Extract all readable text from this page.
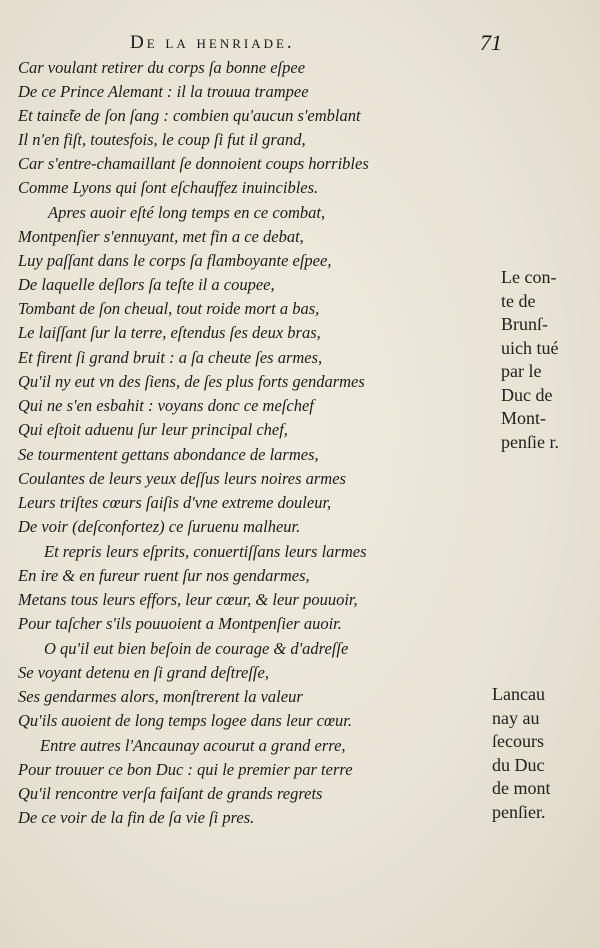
De la henriade.	71
Car voulant retirer du corps ſa bonne eſpee
De ce Prince Alemant : il la trouua trampee
Et tainɛ̃te de ſon ſang : combien qu'aucun s'emblant
Il n'en fiſt, toutesfois, le coup ſi fut il grand,
Car s'entre-chamaillant ſe donnoient coups horribles
Comme Lyons qui ſont eſchauffez inuincibles.
Apres auoir eſté long temps en ce combat,
Montpenſier s'ennuyant, met fin a ce debat,
Luy paſſant dans le corps ſa flamboyante eſpee,
De laquelle deſlors ſa teſte il a coupee,
Tombant de ſon cheual, tout roide mort a bas,
Le laiſſant ſur la terre, eſtendus ſes deux bras,
Et firent ſi grand bruit : a ſa cheute ſes armes,
Qu'il ny eut vn des ſiens, de ſes plus forts gendarmes
Qui ne s'en esbahit : voyans donc ce meſchef
Qui eſtoit aduenu ſur leur principal chef,
Se tourmentent gettans abondance de larmes,
Coulantes de leurs yeux deſſus leurs noires armes
Leurs triſtes cœurs ſaiſis d'vne extreme douleur,
De voir (deſconfortez) ce ſuruenu malheur.
Et repris leurs eſprits, conuertiſſans leurs larmes
En ire & en fureur ruent ſur nos gendarmes,
Metans tous leurs effors, leur cœur, & leur pouuoir,
Pour taſcher s'ils pouuoient a Montpenſier auoir.
O qu'il eut bien beſoin de courage & d'adreſſe
Se voyant detenu en ſi grand deſtreſſe,
Ses gendarmes alors, monſtrerent la valeur
Qu'ils auoient de long temps logee dans leur cœur.
Entre autres l'Ancaunay acourut a grand erre,
Pour trouuer ce bon Duc : qui le premier par terre
Qu'il rencontre verſa faiſant de grands regrets
De ce voir de la fin de ſa vie ſi pres.
Le con-
te de
Brunſ-
uich tué
par le
Duc de
Mont-
penſie r.
Lancau
nay au
ſecours
du Duc
de mont
penſier.
